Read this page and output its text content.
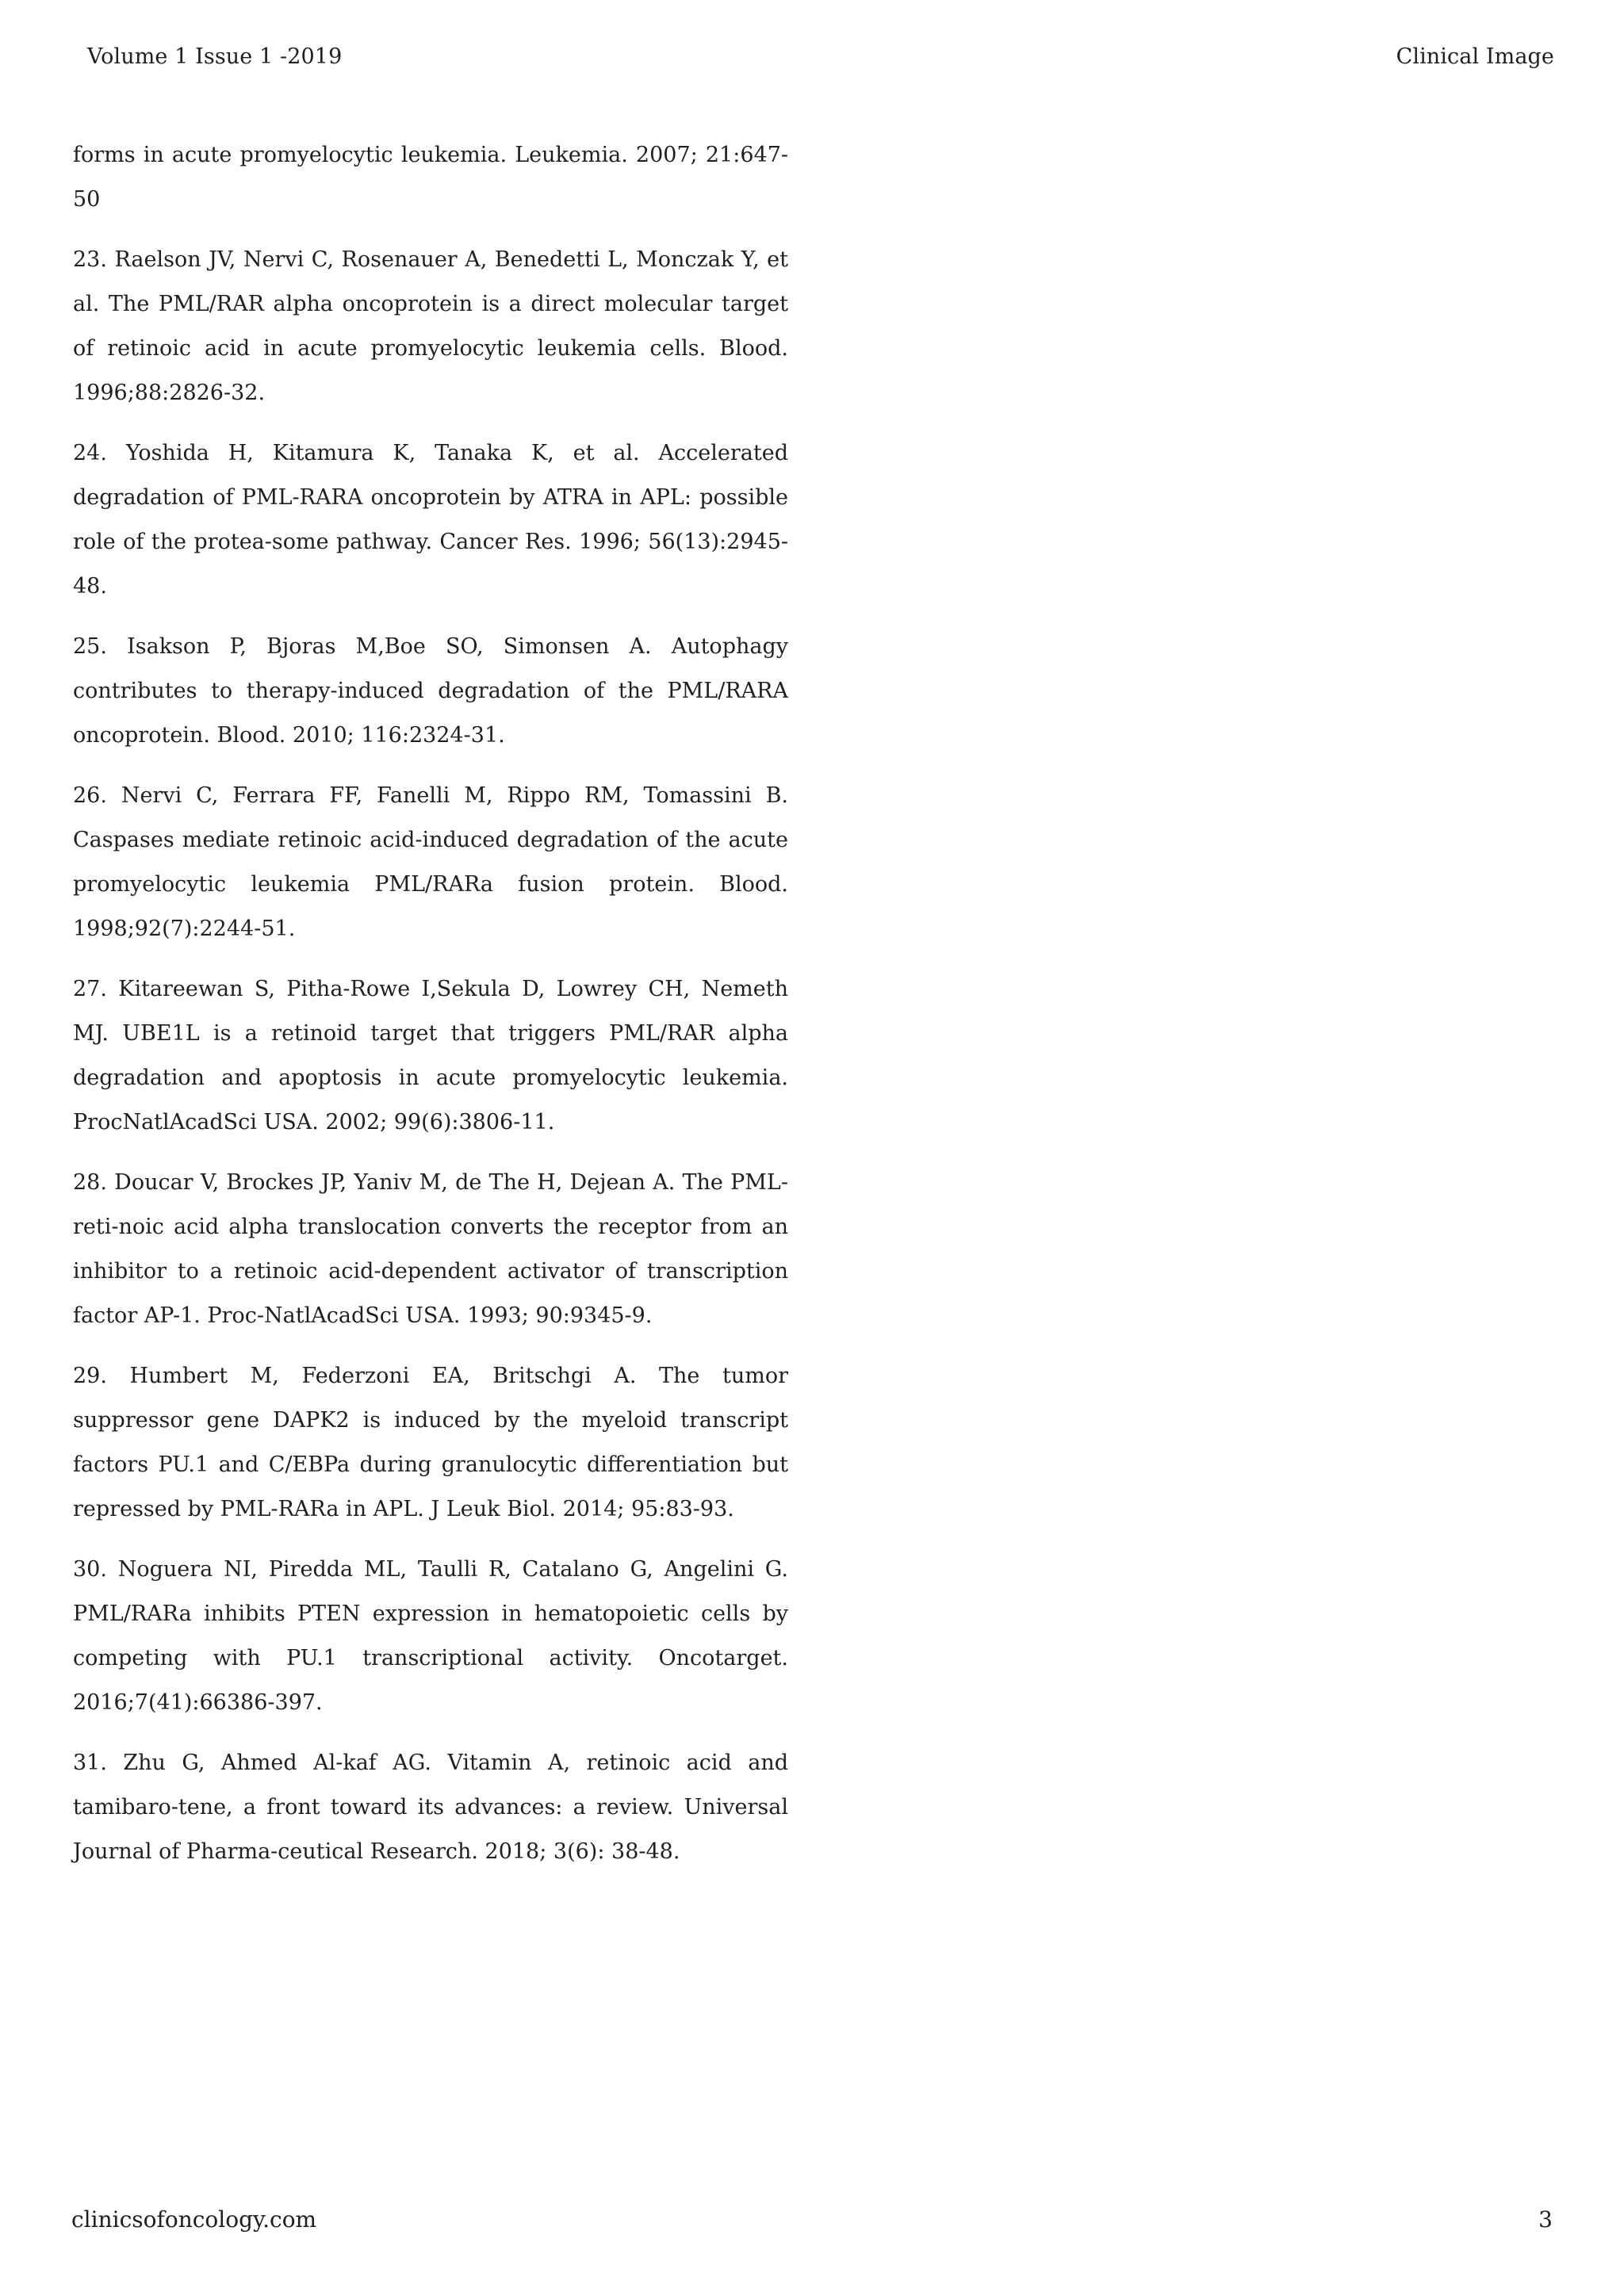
Volume 1 Issue 1 -2019	Clinical Image

forms in acute promyelocytic leukemia. Leukemia. 2007; 21:647-50

23. Raelson JV, Nervi C, Rosenauer A, Benedetti L, Monczak Y, et al. The PML/RAR alpha oncoprotein is a direct molecular target of retinoic acid in acute promyelocytic leukemia cells. Blood. 1996;88:2826-32.

24. Yoshida H, Kitamura K, Tanaka K, et al. Accelerated degradation of PML-RARA oncoprotein by ATRA in APL: possible role of the protea-some pathway. Cancer Res. 1996; 56(13):2945-48.

25. Isakson P, Bjoras M,Boe SO, Simonsen A. Autophagy contributes to therapy-induced degradation of the PML/RARA oncoprotein. Blood. 2010; 116:2324-31.

26. Nervi C, Ferrara FF, Fanelli M, Rippo RM, Tomassini B. Caspases mediate retinoic acid-induced degradation of the acute promyelocytic leukemia PML/RARa fusion protein. Blood. 1998;92(7):2244-51.

27. Kitareewan S, Pitha-Rowe I,Sekula D, Lowrey CH, Nemeth MJ. UBE1L is a retinoid target that triggers PML/RAR alpha degradation and apoptosis in acute promyelocytic leukemia. ProcNatlAcadSci USA. 2002; 99(6):3806-11.

28. Doucar V, Brockes JP, Yaniv M, de The H, Dejean A. The PML-reti-noic acid alpha translocation converts the receptor from an inhibitor to a retinoic acid-dependent activator of transcription factor AP-1. Proc-NatlAcadSci USA. 1993; 90:9345-9.

29. Humbert M, Federzoni EA, Britschgi A. The tumor suppressor gene DAPK2 is induced by the myeloid transcript factors PU.1 and C/EBPa during granulocytic differentiation but repressed by PML-RARa in APL. J Leuk Biol. 2014; 95:83-93.

30. Noguera NI, Piredda ML, Taulli R, Catalano G, Angelini G. PML/RARa inhibits PTEN expression in hematopoietic cells by competing with PU.1 transcriptional activity. Oncotarget. 2016;7(41):66386-397.

31. Zhu G, Ahmed Al-kaf AG. Vitamin A, retinoic acid and tamibaro-tene, a front toward its advances: a review. Universal Journal of Pharma-ceutical Research. 2018; 3(6): 38-48.

clinicsofoncology.com	3
